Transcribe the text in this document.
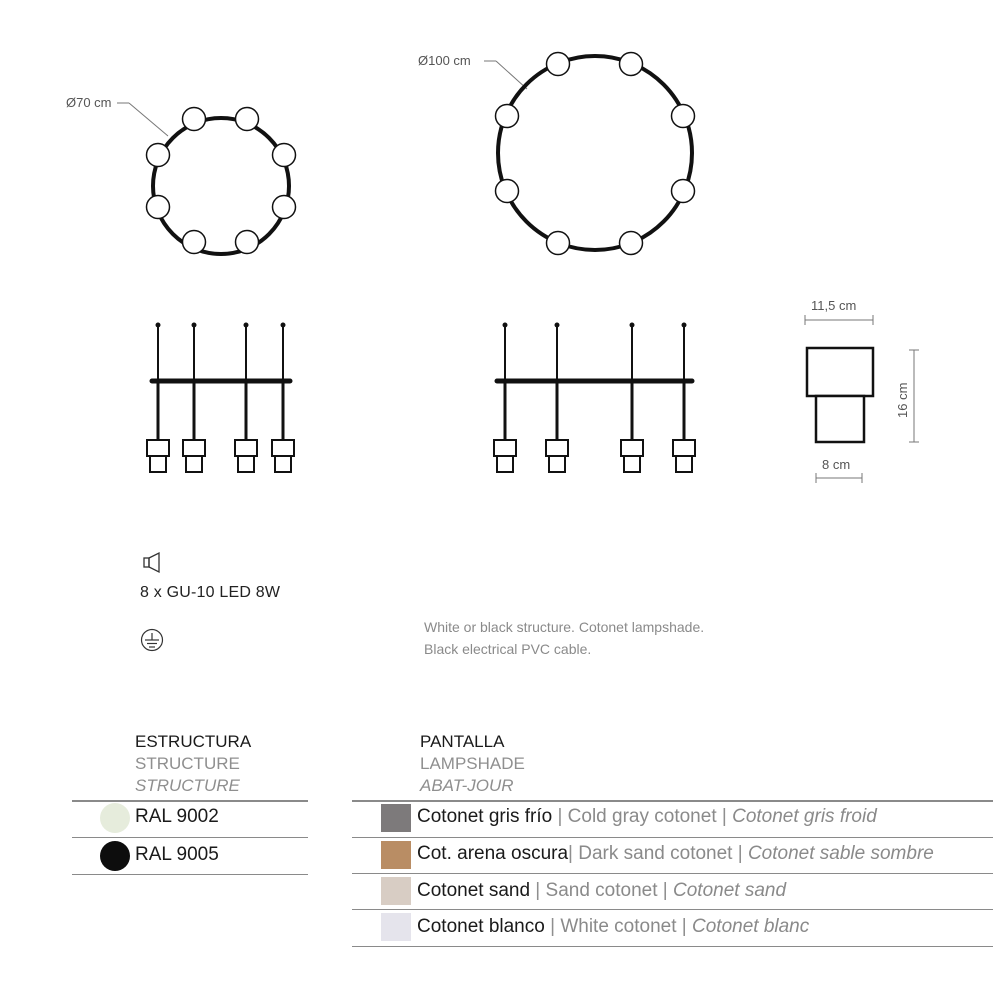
Ø70 cm
Ø100 cm
11,5 cm
16 cm
8 cm
8 x GU-10 LED 8W
White or black structure. Cotonet lampshade.
Black electrical PVC cable.
ESTRUCTURA
STRUCTURE
STRUCTURE
RAL 9002
RAL 9005
PANTALLA
LAMPSHADE
ABAT-JOUR
Cotonet gris frío | Cold gray cotonet | Cotonet gris froid
Cot. arena oscura| Dark sand cotonet | Cotonet sable sombre
Cotonet sand | Sand cotonet | Cotonet sand
Cotonet blanco | White cotonet | Cotonet blanc
